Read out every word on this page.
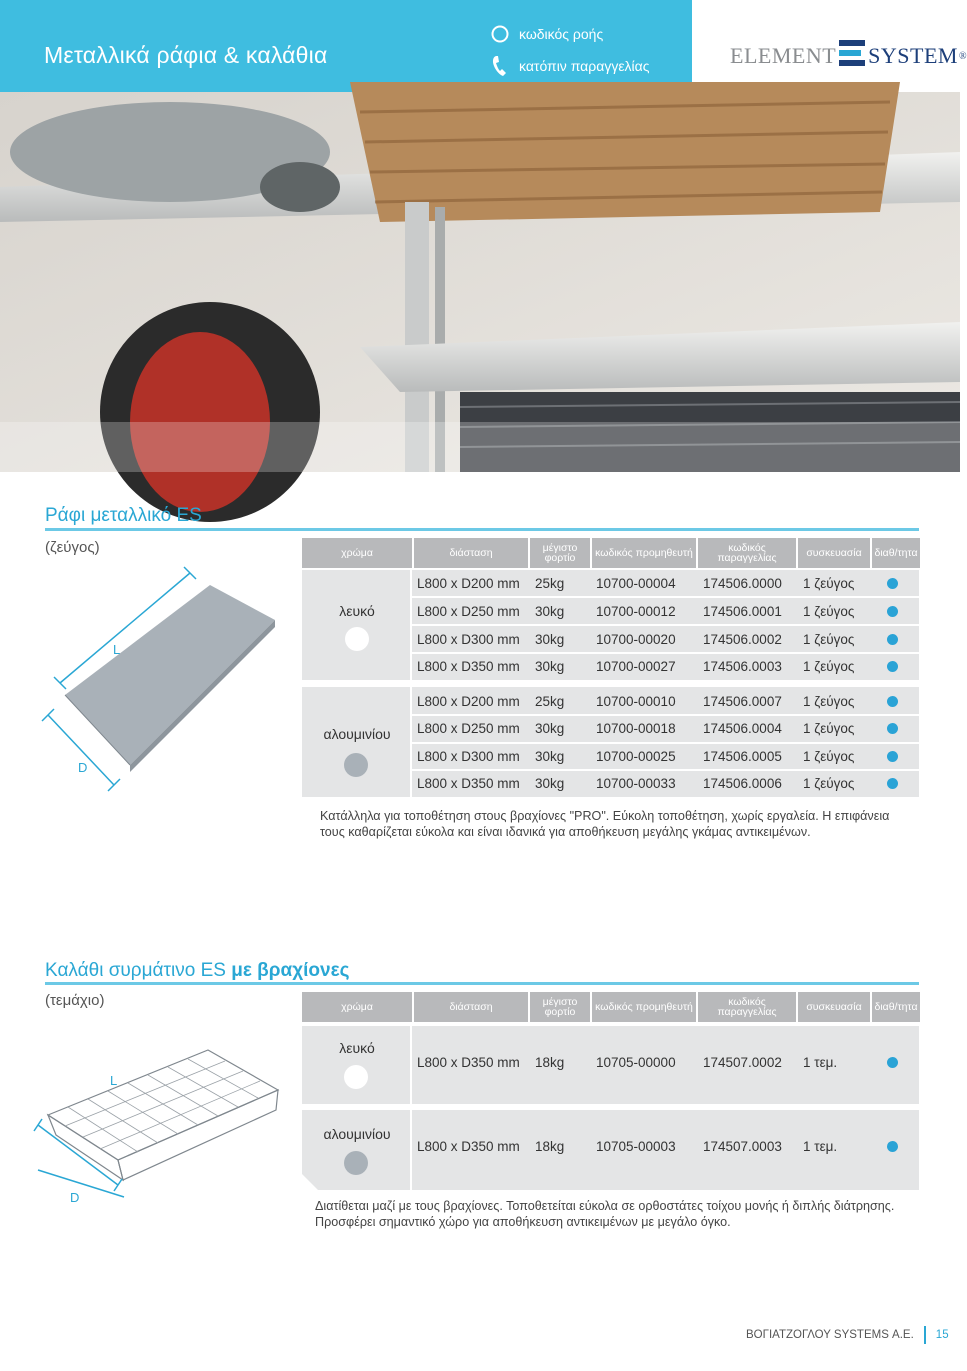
Μεταλλικά ράφια & καλάθια
κωδικός ροής
κατόπιν παραγγελίας	ELEMENT SYSTEM ®
Ράφι μεταλλικό ES
(ζεύγος)
L
D
χρώμα	διάσταση	μέγιστο φορτίο	κωδικός προμηθευτή	κωδικός παραγγελίας	συσκευασία	διαθ/τητα
λευκό
L800 x D200 mm	25kg	10700-00004	174506.0000	1 ζεύγος
L800 x D250 mm	30kg	10700-00012	174506.0001	1 ζεύγος
L800 x D300 mm	30kg	10700-00020	174506.0002	1 ζεύγος
L800 x D350 mm	30kg	10700-00027	174506.0003	1 ζεύγος
αλουμινίου
L800 x D200 mm	25kg	10700-00010	174506.0007	1 ζεύγος
L800 x D250 mm	30kg	10700-00018	174506.0004	1 ζεύγος
L800 x D300 mm	30kg	10700-00025	174506.0005	1 ζεύγος
L800 x D350 mm	30kg	10700-00033	174506.0006	1 ζεύγος
Κατάλληλα για τοποθέτηση στους βραχίονες "PRO". Εύκολη τοποθέτηση, χωρίς εργαλεία. Η επιφάνεια
τους καθαρίζεται εύκολα και είναι ιδανικά για αποθήκευση μεγάλης γκάμας αντικειμένων.
Καλάθι συρμάτινο ES με βραχίονες
(τεμάχιο)
L
D
χρώμα	διάσταση	μέγιστο φορτίο	κωδικός προμηθευτή	κωδικός παραγγελίας	συσκευασία	διαθ/τητα
λευκό
L800 x D350 mm	18kg	10705-00000	174507.0002	1 τεμ.
αλουμινίου
L800 x D350 mm	18kg	10705-00003	174507.0003	1 τεμ.
Διατίθεται μαζί με τους βραχίονες. Τοποθετείται εύκολα σε ορθοστάτες τοίχου μονής ή διπλής διάτρησης.
Προσφέρει σημαντικό χώρο για αποθήκευση αντικειμένων με μεγάλο όγκο.
ΒΟΓΙΑΤΖΟΓΛΟΥ SYSTEMS Α.Ε.	15
